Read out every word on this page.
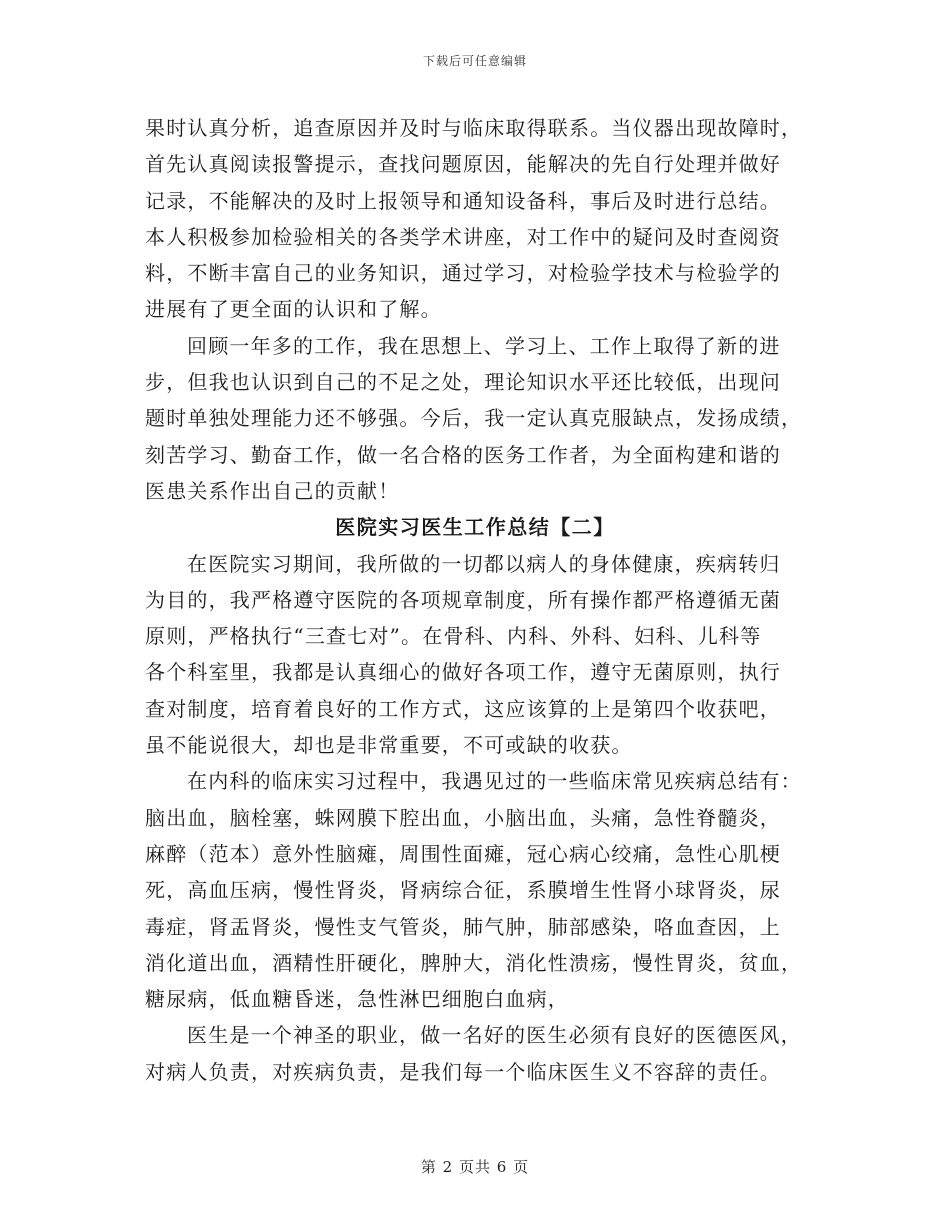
下载后可任意编辑
果时认真分析，追查原因并及时与临床取得联系。当仪器出现故障时，
首先认真阅读报警提示，查找问题原因，能解决的先自行处理并做好
记录，不能解决的及时上报领导和通知设备科，事后及时进行总结。
本人积极参加检验相关的各类学术讲座，对工作中的疑问及时查阅资
料，不断丰富自己的业务知识，通过学习，对检验学技术与检验学的
进展有了更全面的认识和了解。
回顾一年多的工作，我在思想上、学习上、工作上取得了新的进
步，但我也认识到自己的不足之处，理论知识水平还比较低，出现问
题时单独处理能力还不够强。今后，我一定认真克服缺点，发扬成绩，
刻苦学习、勤奋工作，做一名合格的医务工作者，为全面构建和谐的
医患关系作出自己的贡献！
医院实习医生工作总结【二】
在医院实习期间，我所做的一切都以病人的身体健康，疾病转归
为目的，我严格遵守医院的各项规章制度，所有操作都严格遵循无菌
原则，严格执行“三查七对”。在骨科、内科、外科、妇科、儿科等
各个科室里，我都是认真细心的做好各项工作，遵守无菌原则，执行
查对制度，培育着良好的工作方式，这应该算的上是第四个收获吧，
虽不能说很大，却也是非常重要，不可或缺的收获。
在内科的临床实习过程中，我遇见过的一些临床常见疾病总结有：
脑出血，脑栓塞，蛛网膜下腔出血，小脑出血，头痛，急性脊髓炎，
麻醉（范本）意外性脑瘫，周围性面瘫，冠心病心绞痛，急性心肌梗
死，高血压病，慢性肾炎，肾病综合征，系膜增生性肾小球肾炎，尿
毒症，肾盂肾炎，慢性支气管炎，肺气肿，肺部感染，咯血查因，上
消化道出血，酒精性肝硬化，脾肿大，消化性溃疡，慢性胃炎，贫血，
糖尿病，低血糖昏迷，急性淋巴细胞白血病，
医生是一个神圣的职业，做一名好的医生必须有良好的医德医风，
对病人负责，对疾病负责，是我们每一个临床医生义不容辞的责任。
第 2 页共 6 页
